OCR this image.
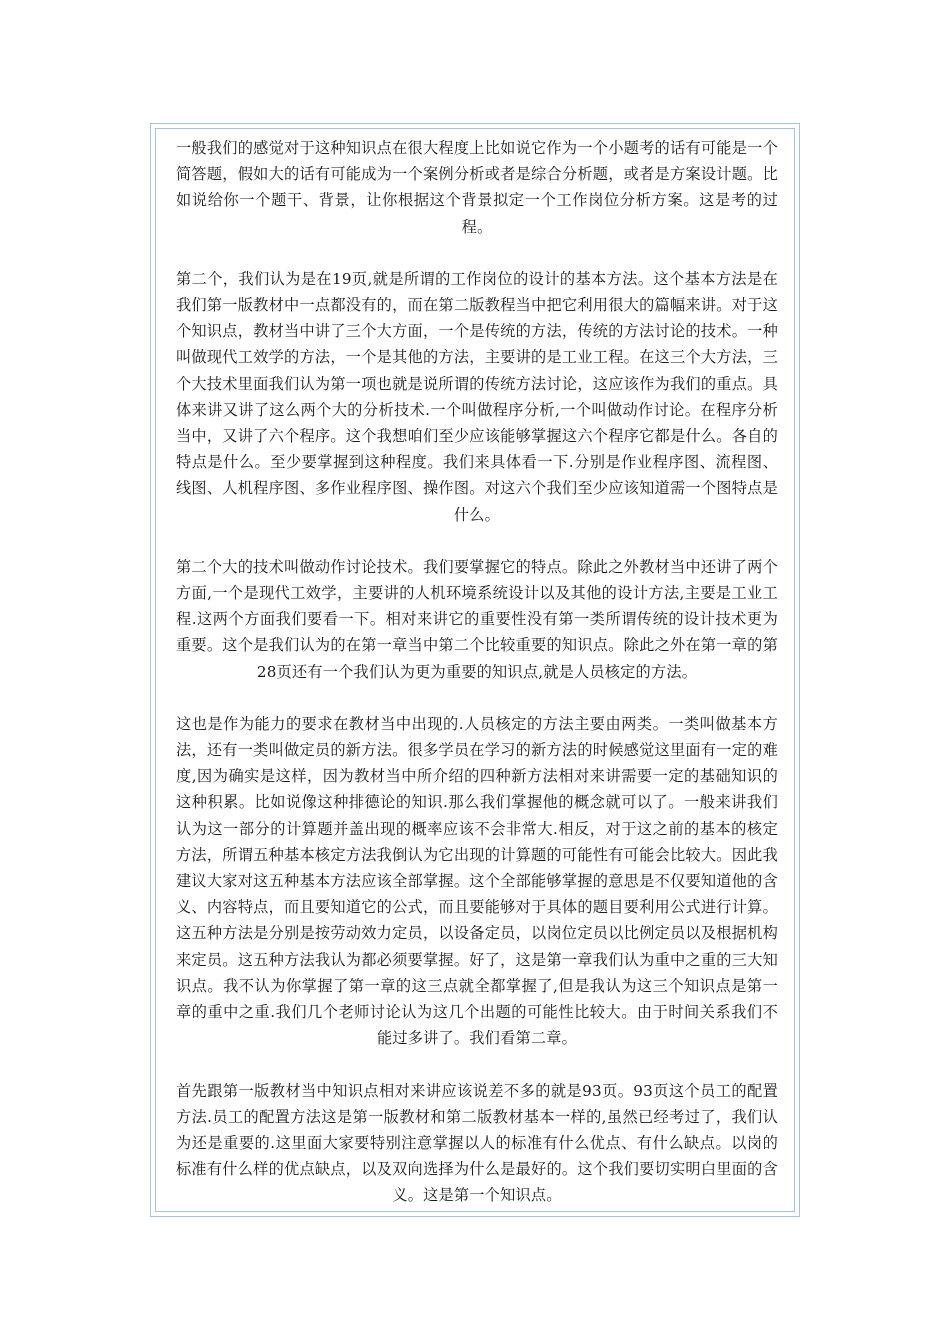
一般我们的感觉对于这种知识点在很大程度上比如说它作为一个小题考的话有可能是一个简答题，假如大的话有可能成为一个案例分析或者是综合分析题，或者是方案设计题。比如说给你一个题干、背景，让你根据这个背景拟定一个工作岗位分析方案。这是考的过程。

第二个，我们认为是在19页,就是所谓的工作岗位的设计的基本方法。这个基本方法是在我们第一版教材中一点都没有的，而在第二版教程当中把它利用很大的篇幅来讲。对于这个知识点，教材当中讲了三个大方面，一个是传统的方法，传统的方法讨论的技术。一种叫做现代工效学的方法，一个是其他的方法，主要讲的是工业工程。在这三个大方法，三个大技术里面我们认为第一项也就是说所谓的传统方法讨论，这应该作为我们的重点。具体来讲又讲了这么两个大的分析技术.一个叫做程序分析,一个叫做动作讨论。在程序分析当中，又讲了六个程序。这个我想咱们至少应该能够掌握这六个程序它都是什么。各自的特点是什么。至少要掌握到这种程度。我们来具体看一下.分别是作业程序图、流程图、线图、人机程序图、多作业程序图、操作图。对这六个我们至少应该知道需一个图特点是什么。

第二个大的技术叫做动作讨论技术。我们要掌握它的特点。除此之外教材当中还讲了两个方面,一个是现代工效学，主要讲的人机环境系统设计以及其他的设计方法,主要是工业工程.这两个方面我们要看一下。相对来讲它的重要性没有第一类所谓传统的设计技术更为重要。这个是我们认为的在第一章当中第二个比较重要的知识点。除此之外在第一章的第28页还有一个我们认为更为重要的知识点,就是人员核定的方法。

这也是作为能力的要求在教材当中出现的.人员核定的方法主要由两类。一类叫做基本方法，还有一类叫做定员的新方法。很多学员在学习的新方法的时候感觉这里面有一定的难度,因为确实是这样，因为教材当中所介绍的四种新方法相对来讲需要一定的基础知识的这种积累。比如说像这种排德论的知识.那么我们掌握他的概念就可以了。一般来讲我们认为这一部分的计算题并盖出现的概率应该不会非常大.相反，对于这之前的基本的核定方法，所谓五种基本核定方法我倒认为它出现的计算题的可能性有可能会比较大。因此我建议大家对这五种基本方法应该全部掌握。这个全部能够掌握的意思是不仅要知道他的含义、内容特点，而且要知道它的公式，而且要能够对于具体的题目要利用公式进行计算。这五种方法是分别是按劳动效力定员，以设备定员，以岗位定员以比例定员以及根据机构来定员。这五种方法我认为都必须要掌握。好了，这是第一章我们认为重中之重的三大知识点。我不认为你掌握了第一章的这三点就全都掌握了,但是我认为这三个知识点是第一章的重中之重.我们几个老师讨论认为这几个出题的可能性比较大。由于时间关系我们不能过多讲了。我们看第二章。

首先跟第一版教材当中知识点相对来讲应该说差不多的就是93页。93页这个员工的配置方法.员工的配置方法这是第一版教材和第二版教材基本一样的,虽然已经考过了，我们认为还是重要的.这里面大家要特别注意掌握以人的标准有什么优点、有什么缺点。以岗的标准有什么样的优点缺点，以及双向选择为什么是最好的。这个我们要切实明白里面的含义。这是第一个知识点。
